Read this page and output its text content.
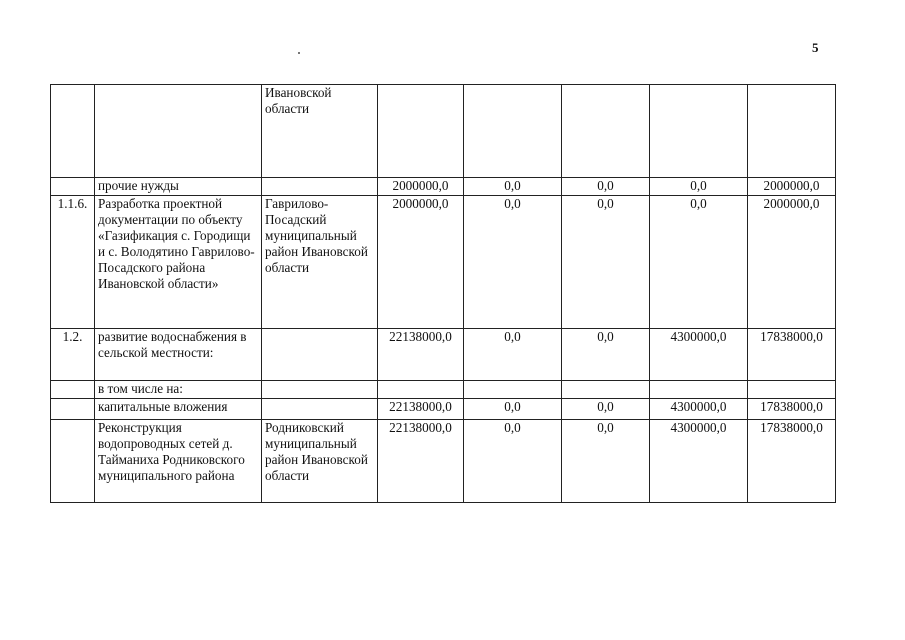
5
		Ивановской области					
	прочие нужды		2000000,0	0,0	0,0	0,0	2000000,0
1.1.6.	Разработка проектной документации по объекту «Газификация с. Городищи и с. Володятино Гаврилово-Посадского района Ивановской области»	Гаврилово-Посадский муниципальный район Ивановской области	2000000,0	0,0	0,0	0,0	2000000,0
1.2.	развитие водоснабжения в сельской местности:		22138000,0	0,0	0,0	4300000,0	17838000,0
	в том числе на:						
	капитальные вложения		22138000,0	0,0	0,0	4300000,0	17838000,0
	Реконструкция водопроводных сетей д. Тайманиха Родниковского муниципального района	Родниковский муниципальный район Ивановской области	22138000,0	0,0	0,0	4300000,0	17838000,0
